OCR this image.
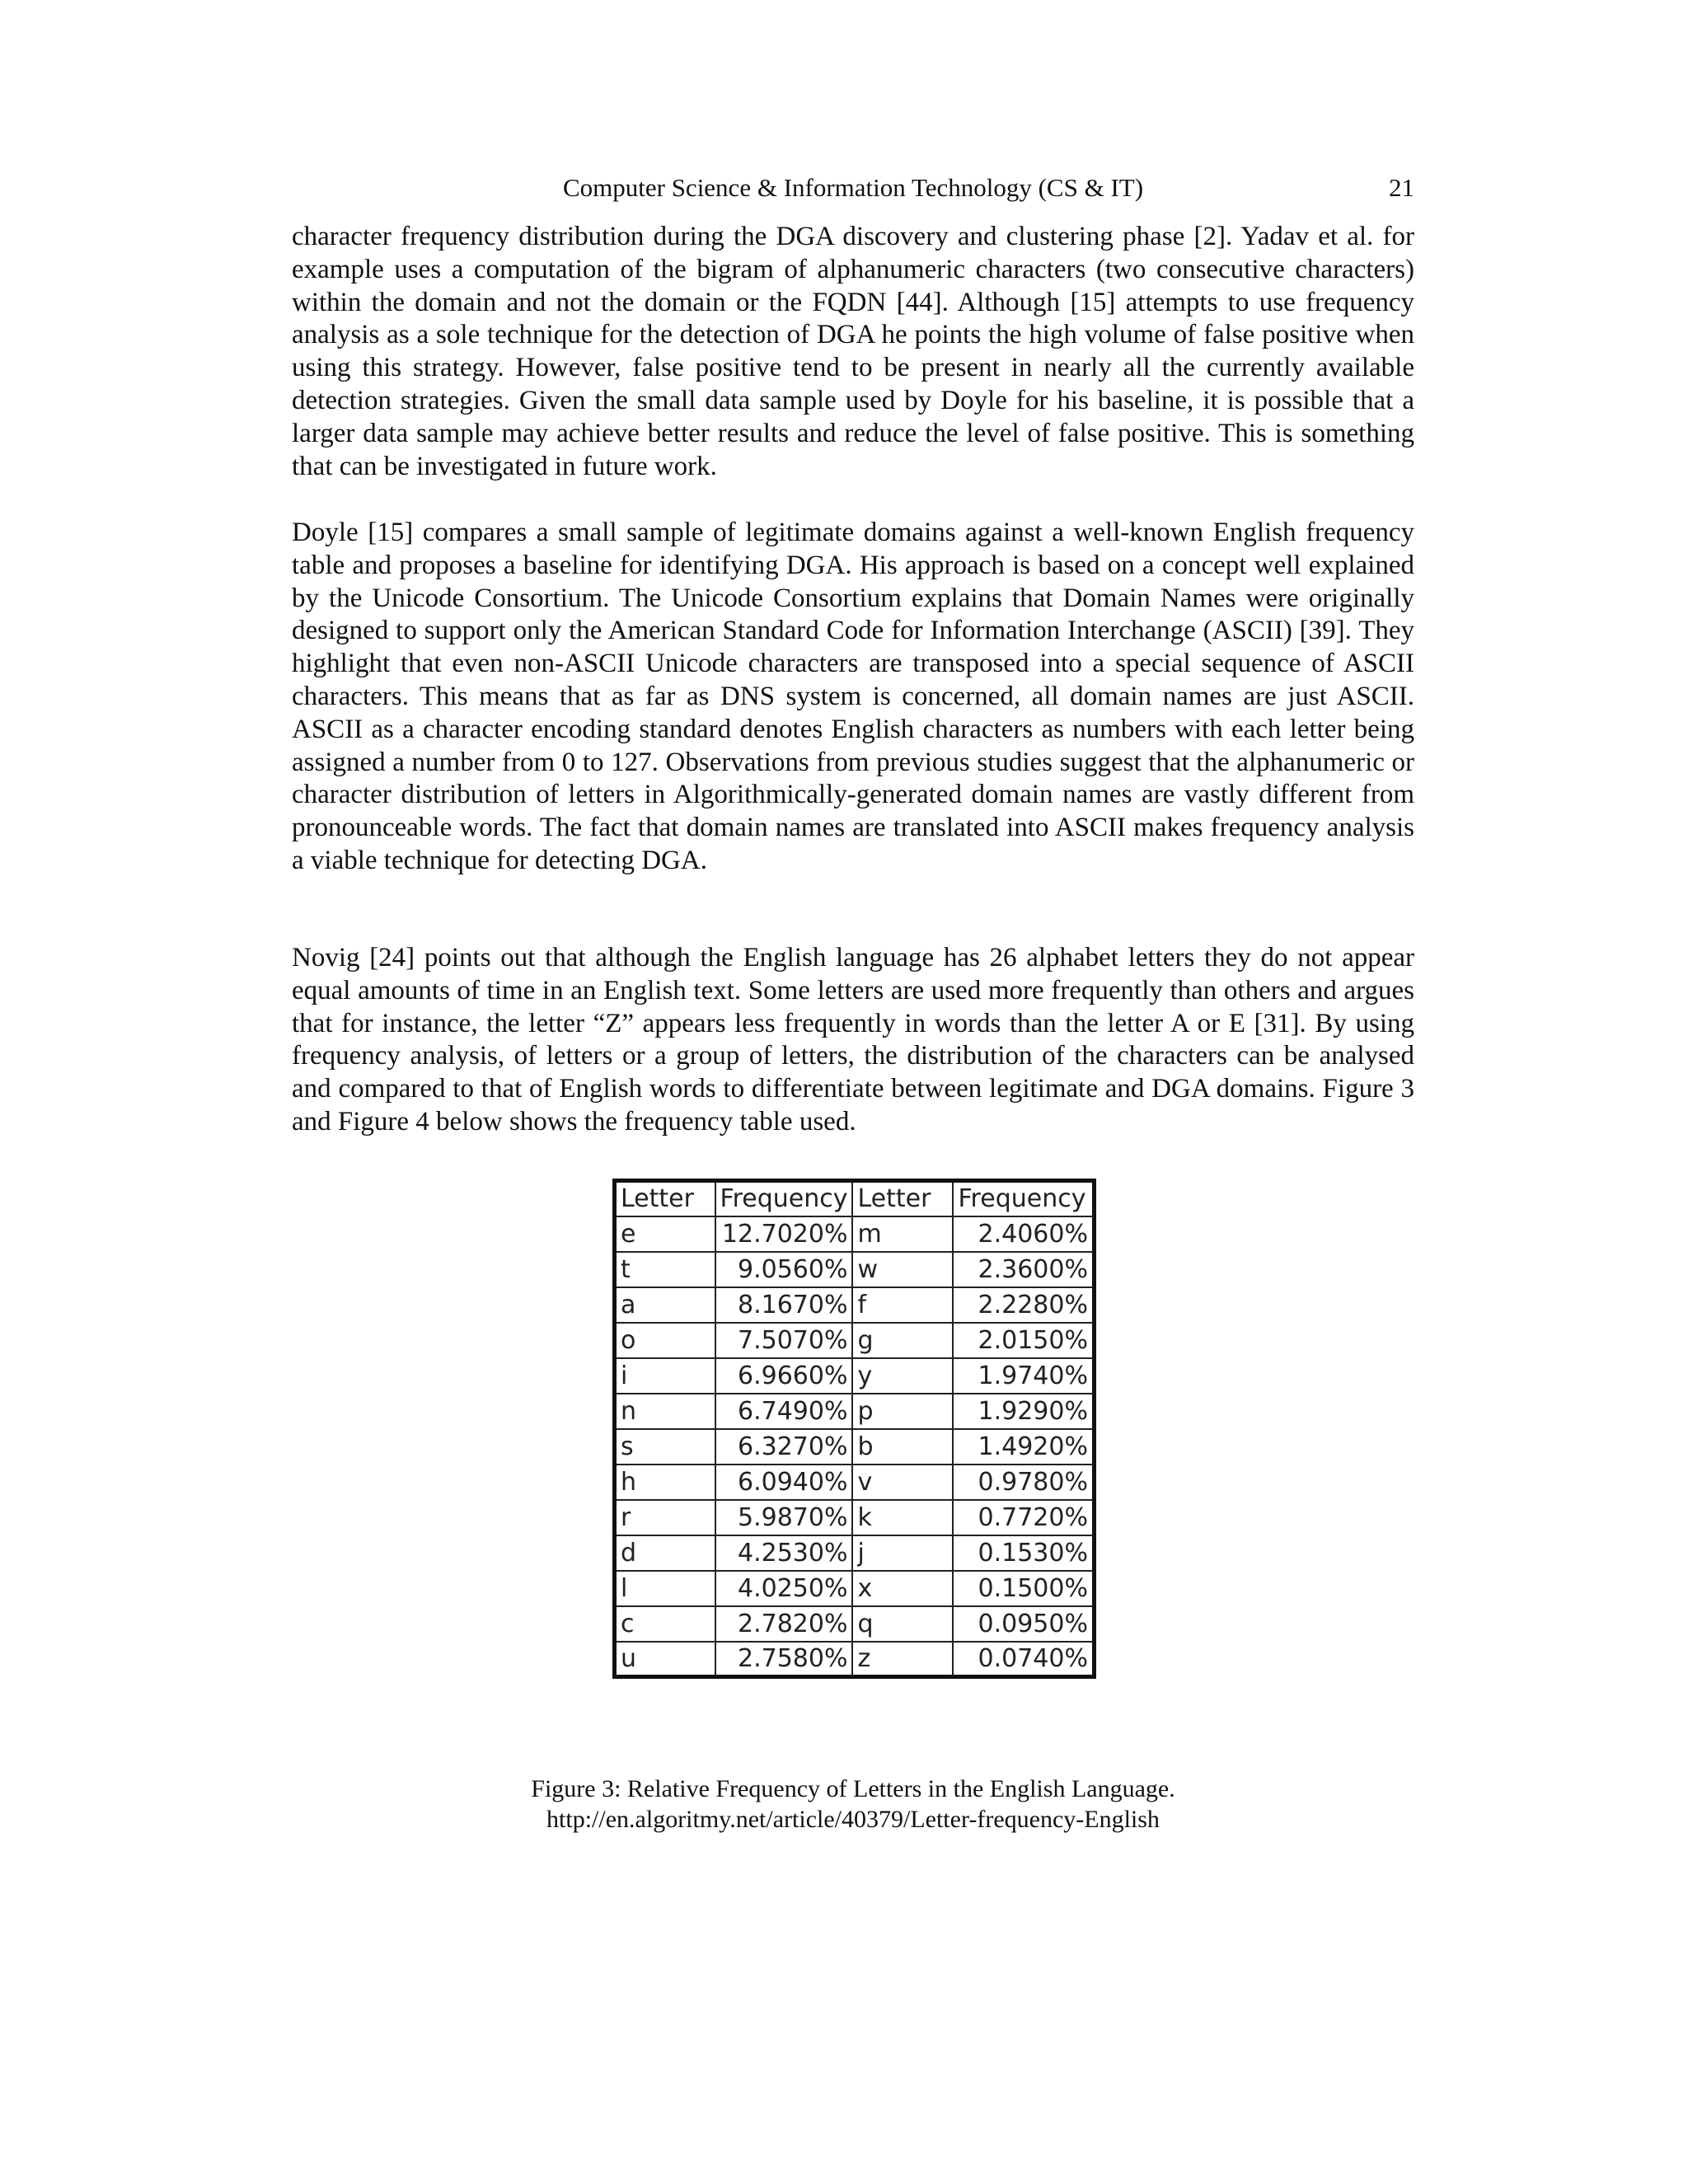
Computer Science & Information Technology (CS & IT)	21

character frequency distribution during the DGA discovery and clustering phase [2]. Yadav et al. for example uses a computation of the bigram of alphanumeric characters (two consecutive characters) within the domain and not the domain or the FQDN [44]. Although [15] attempts to use frequency analysis as a sole technique for the detection of DGA he points the high volume of false positive when using this strategy. However, false positive tend to be present in nearly all the currently available detection strategies. Given the small data sample used by Doyle for his baseline, it is possible that a larger data sample may achieve better results and reduce the level of false positive. This is something that can be investigated in future work.

Doyle [15] compares a small sample of legitimate domains against a well-known English frequency table and proposes a baseline for identifying DGA. His approach is based on a concept well explained by the Unicode Consortium. The Unicode Consortium explains that Domain Names were originally designed to support only the American Standard Code for Information Interchange (ASCII) [39]. They highlight that even non-ASCII Unicode characters are transposed into a special sequence of ASCII characters. This means that as far as DNS system is concerned, all domain names are just ASCII. ASCII as a character encoding standard denotes English characters as numbers with each letter being assigned a number from 0 to 127. Observations from previous studies suggest that the alphanumeric or character distribution of letters in Algorithmically-generated domain names are vastly different from pronounceable words. The fact that domain names are translated into ASCII makes frequency analysis a viable technique for detecting DGA.

Novig [24] points out that although the English language has 26 alphabet letters they do not appear equal amounts of time in an English text. Some letters are used more frequently than others and argues that for instance, the letter “Z” appears less frequently in words than the letter A or E [31]. By using frequency analysis, of letters or a group of letters, the distribution of the characters can be analysed and compared to that of English words to differentiate between legitimate and DGA domains. Figure 3 and Figure 4 below shows the frequency table used.

Letter	Frequency	Letter	Frequency
e	12.7020%	m	2.4060%
t	9.0560%	w	2.3600%
a	8.1670%	f	2.2280%
o	7.5070%	g	2.0150%
i	6.9660%	y	1.9740%
n	6.7490%	p	1.9290%
s	6.3270%	b	1.4920%
h	6.0940%	v	0.9780%
r	5.9870%	k	0.7720%
d	4.2530%	j	0.1530%
l	4.0250%	x	0.1500%
c	2.7820%	q	0.0950%
u	2.7580%	z	0.0740%
Figure 3: Relative Frequency of Letters in the English Language.
http://en.algoritmy.net/article/40379/Letter-frequency-English
